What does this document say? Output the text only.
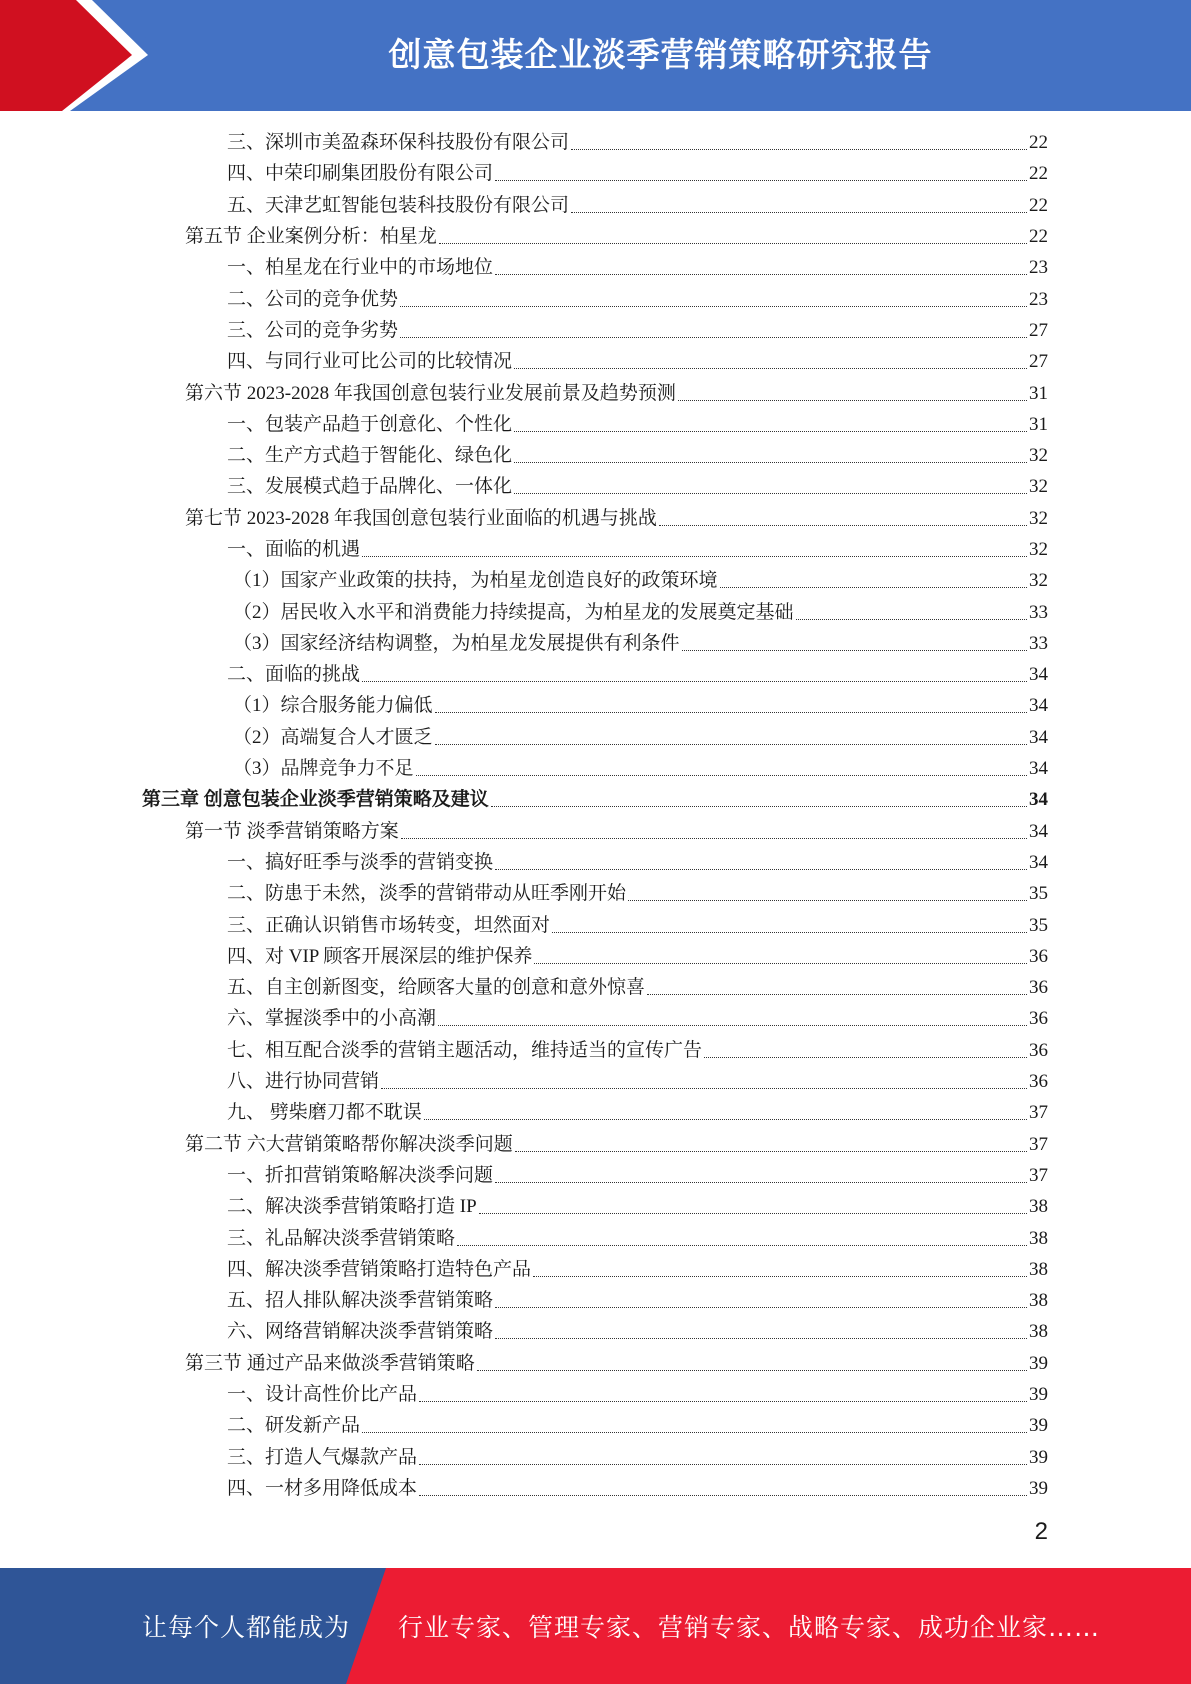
创意包装企业淡季营销策略研究报告
三、深圳市美盈森环保科技股份有限公司	22
四、中荣印刷集团股份有限公司	22
五、天津艺虹智能包装科技股份有限公司	22
第五节 企业案例分析：柏星龙	22
一、柏星龙在行业中的市场地位	23
二、公司的竞争优势	23
三、公司的竞争劣势	27
四、与同行业可比公司的比较情况	27
第六节 2023-2028 年我国创意包装行业发展前景及趋势预测	31
一、包装产品趋于创意化、个性化	31
二、生产方式趋于智能化、绿色化	32
三、发展模式趋于品牌化、一体化	32
第七节 2023-2028 年我国创意包装行业面临的机遇与挑战	32
一、面临的机遇	32
（1）国家产业政策的扶持，为柏星龙创造良好的政策环境	32
（2）居民收入水平和消费能力持续提高，为柏星龙的发展奠定基础	33
（3）国家经济结构调整，为柏星龙发展提供有利条件	33
二、面临的挑战	34
（1）综合服务能力偏低	34
（2）高端复合人才匮乏	34
（3）品牌竞争力不足	34
第三章 创意包装企业淡季营销策略及建议	34
第一节 淡季营销策略方案	34
一、搞好旺季与淡季的营销变换	34
二、防患于未然，淡季的营销带动从旺季刚开始	35
三、正确认识销售市场转变，坦然面对	35
四、对 VIP 顾客开展深层的维护保养	36
五、自主创新图变，给顾客大量的创意和意外惊喜	36
六、掌握淡季中的小高潮	36
七、相互配合淡季的营销主题活动，维持适当的宣传广告	36
八、进行协同营销	36
九、 劈柴磨刀都不耽误	37
第二节 六大营销策略帮你解决淡季问题	37
一、折扣营销策略解决淡季问题	37
二、解决淡季营销策略打造 IP	38
三、礼品解决淡季营销策略	38
四、解决淡季营销策略打造特色产品	38
五、招人排队解决淡季营销策略	38
六、网络营销解决淡季营销策略	38
第三节 通过产品来做淡季营销策略	39
一、设计高性价比产品	39
二、研发新产品	39
三、打造人气爆款产品	39
四、一材多用降低成本	39
2
让每个人都能成为 行业专家、管理专家、营销专家、战略专家、成功企业家……
